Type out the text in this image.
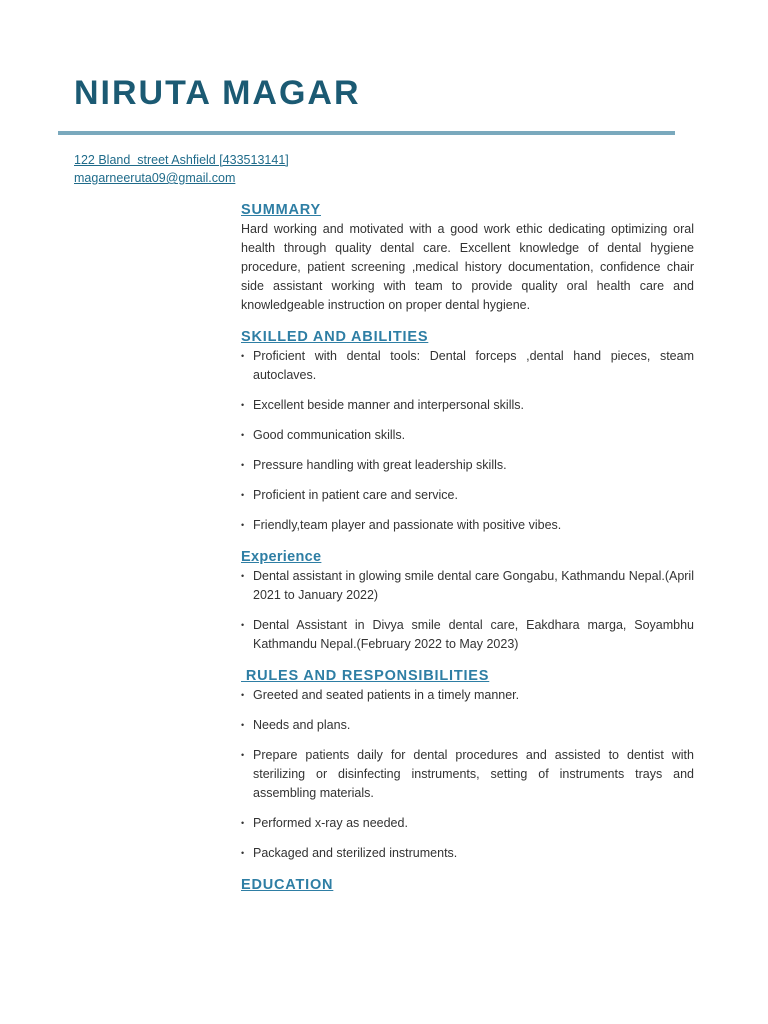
NIRUTA MAGAR
122 Bland  street Ashfield [433513141]
magarneeruta09@gmail.com
SUMMARY

Hard working and motivated with a good work ethic dedicating optimizing oral health through quality dental care. Excellent knowledge of dental hygiene procedure, patient screening ,medical history documentation, confidence chair side assistant working with team to provide quality oral health care and knowledgeable instruction on proper dental hygiene.

SKILLED AND ABILITIES
• Proficient with dental tools: Dental forceps ,dental hand pieces, steam autoclaves.
• Excellent beside manner and interpersonal skills.
• Good communication skills.
• Pressure handling with great leadership skills.
• Proficient in patient care and service.
• Friendly,team player and passionate with positive vibes.
Experience
• Dental assistant in glowing smile dental care Gongabu, Kathmandu Nepal.(April 2021 to January 2022)
• Dental Assistant in Divya smile dental care, Eakdhara marga, Soyambhu Kathmandu Nepal.(February 2022 to May 2023)
RULES AND RESPONSIBILITIES
• Greeted and seated patients in a timely manner.
• Needs and plans.
• Prepare patients daily for dental procedures and assisted to dentist with sterilizing or disinfecting instruments, setting of instruments trays and assembling materials.
• Performed x-ray as needed.
• Packaged and sterilized instruments.
EDUCATION
